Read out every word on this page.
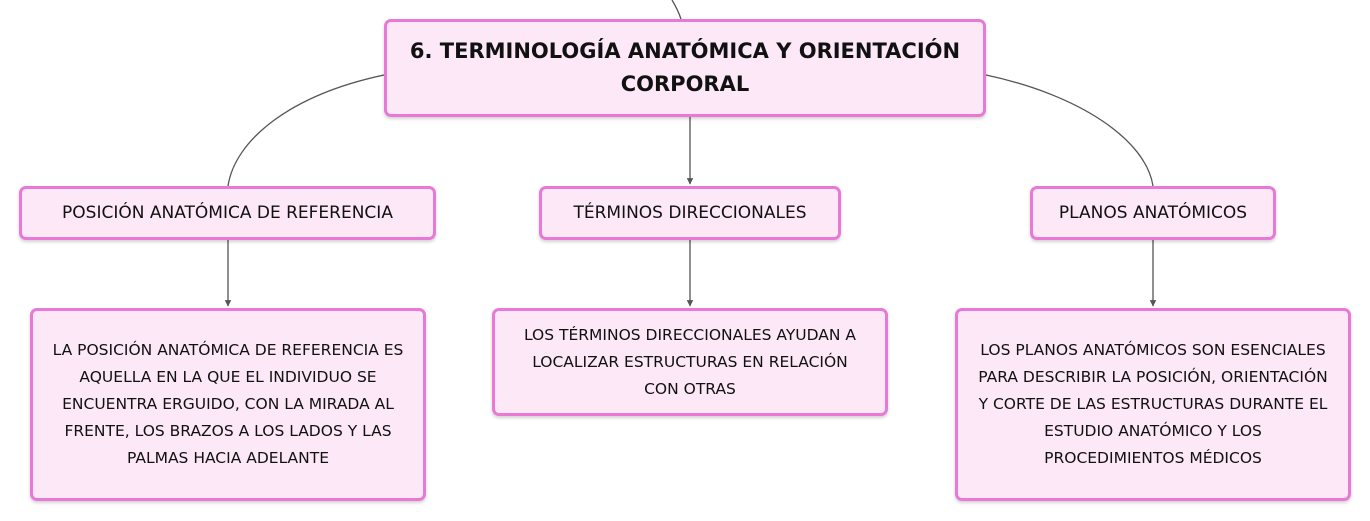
6. TERMINOLOGÍA ANATÓMICA Y ORIENTACIÓN
CORPORAL
POSICIÓN ANATÓMICA DE REFERENCIA	TÉRMINOS DIRECCIONALES	PLANOS ANATÓMICOS
LA POSICIÓN ANATÓMICA DE REFERENCIA ES
AQUELLA EN LA QUE EL INDIVIDUO SE
ENCUENTRA ERGUIDO, CON LA MIRADA AL
FRENTE, LOS BRAZOS A LOS LADOS Y LAS
PALMAS HACIA ADELANTE
LOS TÉRMINOS DIRECCIONALES AYUDAN A
LOCALIZAR ESTRUCTURAS EN RELACIÓN
CON OTRAS
LOS PLANOS ANATÓMICOS SON ESENCIALES
PARA DESCRIBIR LA POSICIÓN, ORIENTACIÓN
Y CORTE DE LAS ESTRUCTURAS DURANTE EL
ESTUDIO ANATÓMICO Y LOS
PROCEDIMIENTOS MÉDICOS
